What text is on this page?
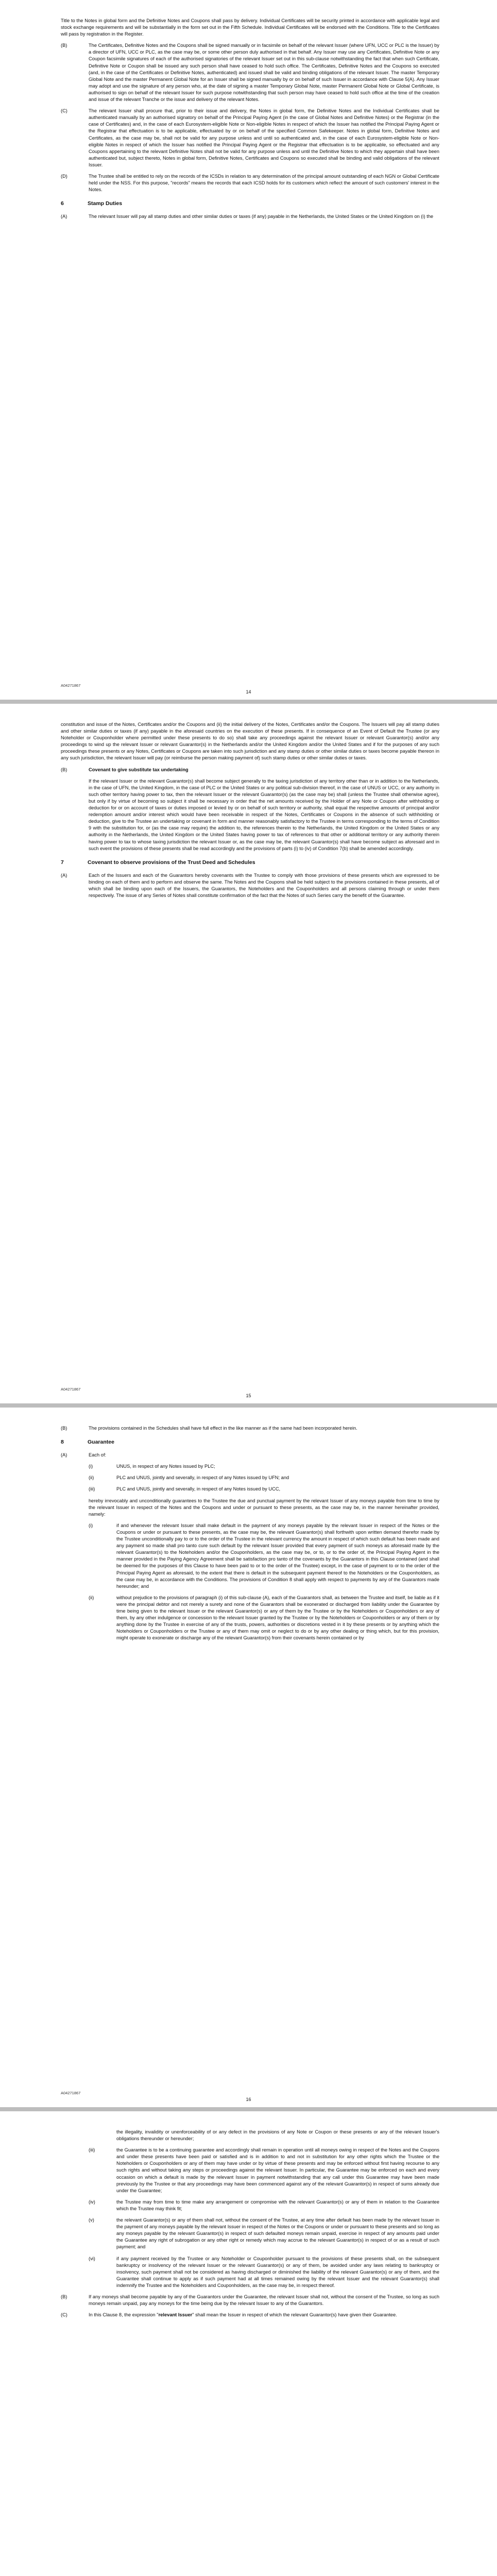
Title to the Notes in global form and the Definitive Notes and Coupons shall pass by delivery. Individual Certificates will be security printed in accordance with applicable legal and stock exchange requirements and will be substantially in the form set out in the Fifth Schedule. Individual Certificates will be endorsed with the Conditions. Title to the Certificates will pass by registration in the Register.

(B)	The Certificates, Definitive Notes and the Coupons shall be signed manually or in facsimile on behalf of the relevant Issuer (where UFN, UCC or PLC is the Issuer) by a director of UFN, UCC or PLC, as the case may be, or some other person duly authorised in that behalf. Any Issuer may use any Certificates, Definitive Note or any Coupon facsimile signatures of each of the authorised signatories of the relevant Issuer set out in this sub-clause notwithstanding the fact that when such Certificate, Definitive Note or Coupon shall be issued any such person shall have ceased to hold such office. The Certificates, Definitive Notes and the Coupons so executed (and, in the case of the Certificates or Definitive Notes, authenticated) and issued shall be valid and binding obligations of the relevant Issuer. The master Temporary Global Note and the master Permanent Global Note for an Issuer shall be signed manually by or on behalf of such Issuer in accordance with Clause 5(A). Any Issuer may adopt and use the signature of any person who, at the date of signing a master Temporary Global Note, master Permanent Global Note or Global Certificate, is authorised to sign on behalf of the relevant Issuer for such purpose notwithstanding that such person may have ceased to hold such office at the time of the creation and issue of the relevant Tranche or the issue and delivery of the relevant Notes.
(C)	The relevant Issuer shall procure that, prior to their issue and delivery, the Notes in global form, the Definitive Notes and the Individual Certificates shall be authenticated manually by an authorised signatory on behalf of the Principal Paying Agent (in the case of Global Notes and Definitive Notes) or the Registrar (in the case of Certificates) and, in the case of each Eurosystem-eligible Note or Non-eligible Notes in respect of which the Issuer has notified the Principal Paying Agent or the Registrar that effectuation is to be applicable, effectuated by or on behalf of the specified Common Safekeeper. Notes in global form, Definitive Notes and Certificates, as the case may be, shall not be valid for any purpose unless and until so authenticated and, in the case of each Eurosystem-eligible Note or Non-eligible Notes in respect of which the Issuer has notified the Principal Paying Agent or the Registrar that effectuation is to be applicable, so effectuated and any Coupons appertaining to the relevant Definitive Notes shall not be valid for any purpose unless and until the Definitive Notes to which they appertain shall have been authenticated but, subject thereto, Notes in global form, Definitive Notes, Certificates and Coupons so executed shall be binding and valid obligations of the relevant Issuer.
(D)	The Trustee shall be entitled to rely on the records of the ICSDs in relation to any determination of the principal amount outstanding of each NGN or Global Certificate held under the NSS. For this purpose, "records" means the records that each ICSD holds for its customers which reflect the amount of such customers' interest in the Notes.
6	Stamp Duties
(A)	The relevant Issuer will pay all stamp duties and other similar duties or taxes (if any) payable in the Netherlands, the United States or the United Kingdom on (i) the
A04271867
14

constitution and issue of the Notes, Certificates and/or the Coupons and (ii) the initial delivery of the Notes, Certificates and/or the Coupons. The Issuers will pay all stamp duties and other similar duties or taxes (if any) payable in the aforesaid countries on the execution of these presents. If in consequence of an Event of Default the Trustee (or any Noteholder or Couponholder where permitted under these presents to do so) shall take any proceedings against the relevant Issuer or relevant Guarantor(s) and/or any proceedings to wind up the relevant Issuer or relevant Guarantor(s) in the Netherlands and/or the United Kingdom and/or the United States and if for the purposes of any such proceedings these presents or any Notes, Certificates or Coupons are taken into such jurisdiction and any stamp duties or other similar duties or taxes become payable thereon in any such jurisdiction, the relevant Issuer will pay (or reimburse the person making payment of) such stamp duties or other similar duties or taxes.

(B)	Covenant to give substitute tax undertaking

If the relevant Issuer or the relevant Guarantor(s) shall become subject generally to the taxing jurisdiction of any territory other than or in addition to the Netherlands, in the case of UFN, the United Kingdom, in the case of PLC or the United States or any political sub-division thereof, in the case of UNUS or UCC, or any authority in such other territory having power to tax, then the relevant Issuer or the relevant Guarantor(s) (as the case may be) shall (unless the Trustee shall otherwise agree), but only if by virtue of becoming so subject it shall be necessary in order that the net amounts received by the Holder of any Note or Coupon after withholding or deduction for or on account of taxes or duties imposed or levied by or on behalf of such territory or authority, shall equal the respective amounts of principal and/or redemption amount and/or interest which would have been receivable in respect of the Notes, Certificates or Coupons in the absence of such withholding or deduction, give to the Trustee an undertaking or covenant in form and manner reasonably satisfactory to the Trustee in terms corresponding to the terms of Condition 9 with the substitution for, or (as the case may require) the addition to, the references therein to the Netherlands, the United Kingdom or the United States or any authority in the Netherlands, the United Kingdom or the United States having power to tax of references to that other or additional territory or any authority therein having power to tax to whose taxing jurisdiction the relevant Issuer or, as the case may be, the relevant Guarantor(s) shall have become subject as aforesaid and in such event the provisions of these presents shall be read accordingly and the provisions of parts (i) to (iv) of Condition 7(b) shall be amended accordingly.

7	Covenant to observe provisions of the Trust Deed and Schedules
(A)	Each of the Issuers and each of the Guarantors hereby covenants with the Trustee to comply with those provisions of these presents which are expressed to be binding on each of them and to perform and observe the same. The Notes and the Coupons shall be held subject to the provisions contained in these presents, all of which shall be binding upon each of the Issuers, the Guarantors, the Noteholders and the Couponholders and all persons claiming through or under them respectively. The issue of any Series of Notes shall constitute confirmation of the fact that the Notes of such Series carry the benefit of the Guarantee.
A04271867
15
(B)	The provisions contained in the Schedules shall have full effect in the like manner as if the same had been incorporated herein.
8	Guarantee
(A)	Each of:
(i)	UNUS, in respect of any Notes issued by PLC;
(ii)	PLC and UNUS, jointly and severally, in respect of any Notes issued by UFN; and
(iii)	PLC and UNUS, jointly and severally, in respect of any Notes issued by UCC,

hereby irrevocably and unconditionally guarantees to the Trustee the due and punctual payment by the relevant Issuer of any moneys payable from time to time by the relevant Issuer in respect of the Notes and the Coupons and under or pursuant to these presents, as the case may be, in the manner hereinafter provided, namely:

(i)	if and whenever the relevant Issuer shall make default in the payment of any moneys payable by the relevant Issuer in respect of the Notes or the Coupons or under or pursuant to these presents, as the case may be, the relevant Guarantor(s) shall forthwith upon written demand therefor made by the Trustee unconditionally pay to or to the order of the Trustee in the relevant currency the amount in respect of which such default has been made and any payment so made shall pro tanto cure such default by the relevant Issuer provided that every payment of such moneys as aforesaid made by the relevant Guarantor(s) to the Noteholders and/or the Couponholders, as the case may be, or to, or to the order of, the Principal Paying Agent in the manner provided in the Paying Agency Agreement shall be satisfaction pro tanto of the covenants by the Guarantors in this Clause contained (and shall be deemed for the purposes of this Clause to have been paid to or to the order of the Trustee) except, in the case of payment to or to the order of the Principal Paying Agent as aforesaid, to the extent that there is default in the subsequent payment thereof to the Noteholders or the Couponholders, as the case may be, in accordance with the Conditions. The provisions of Condition 8 shall apply with respect to payments by any of the Guarantors made hereunder; and
(ii)	without prejudice to the provisions of paragraph (i) of this sub-clause (A), each of the Guarantors shall, as between the Trustee and itself, be liable as if it were the principal debtor and not merely a surety and none of the Guarantors shall be exonerated or discharged from liability under the Guarantee by time being given to the relevant Issuer or the relevant Guarantor(s) or any of them by the Trustee or by the Noteholders or Couponholders or any of them, by any other indulgence or concession to the relevant Issuer granted by the Trustee or by the Noteholders or Couponholders or any of them or by anything done by the Trustee in exercise of any of the trusts, powers, authorities or discretions vested in it by these presents or by anything which the Noteholders or Couponholders or the Trustee or any of them may omit or neglect to do or by any other dealing or thing which, but for this provision, might operate to exonerate or discharge any of the relevant Guarantor(s) from their covenants herein contained or by
A04271867
16

the illegality, invalidity or unenforceability of or any defect in the provisions of any Note or Coupon or these presents or any of the relevant Issuer's obligations thereunder or hereunder;

(iii)	the Guarantee is to be a continuing guarantee and accordingly shall remain in operation until all moneys owing in respect of the Notes and the Coupons and under these presents have been paid or satisfied and is in addition to and not in substitution for any other rights which the Trustee or the Noteholders or Couponholders or any of them may have under or by virtue of these presents and may be enforced without first having recourse to any such rights and without taking any steps or proceedings against the relevant Issuer. In particular, the Guarantee may be enforced on each and every occasion on which a default is made by the relevant Issuer in payment notwithstanding that any call under this Guarantee may have been made previously by the Trustee or that any proceedings may have been commenced against any of the relevant Guarantor(s) in respect of sums already due under the Guarantee;
(iv)	the Trustee may from time to time make any arrangement or compromise with the relevant Guarantor(s) or any of them in relation to the Guarantee which the Trustee may think fit;
(v)	the relevant Guarantor(s) or any of them shall not, without the consent of the Trustee, at any time after default has been made by the relevant Issuer in the payment of any moneys payable by the relevant Issuer in respect of the Notes or the Coupons or under or pursuant to these presents and so long as any moneys payable by the relevant Guarantor(s) in respect of such defaulted moneys remain unpaid, exercise in respect of any amounts paid under the Guarantee any right of subrogation or any other right or remedy which may accrue to the relevant Guarantor(s) in respect of or as a result of such payment; and
(vi)	if any payment received by the Trustee or any Noteholder or Couponholder pursuant to the provisions of these presents shall, on the subsequent bankruptcy or insolvency of the relevant Issuer or the relevant Guarantor(s) or any of them, be avoided under any laws relating to bankruptcy or insolvency, such payment shall not be considered as having discharged or diminished the liability of the relevant Guarantor(s) or any of them, and the Guarantee shall continue to apply as if such payment had at all times remained owing by the relevant Issuer and the relevant Guarantor(s) shall indemnify the Trustee and the Noteholders and Couponholders, as the case may be, in respect thereof.
(B)	If any moneys shall become payable by any of the Guarantors under the Guarantee, the relevant Issuer shall not, without the consent of the Trustee, so long as such moneys remain unpaid, pay any moneys for the time being due by the relevant Issuer to any of the Guarantors.
(C)	In this Clause 8, the expression "relevant Issuer" shall mean the Issuer in respect of which the relevant Guarantor(s) have given their Guarantee.
